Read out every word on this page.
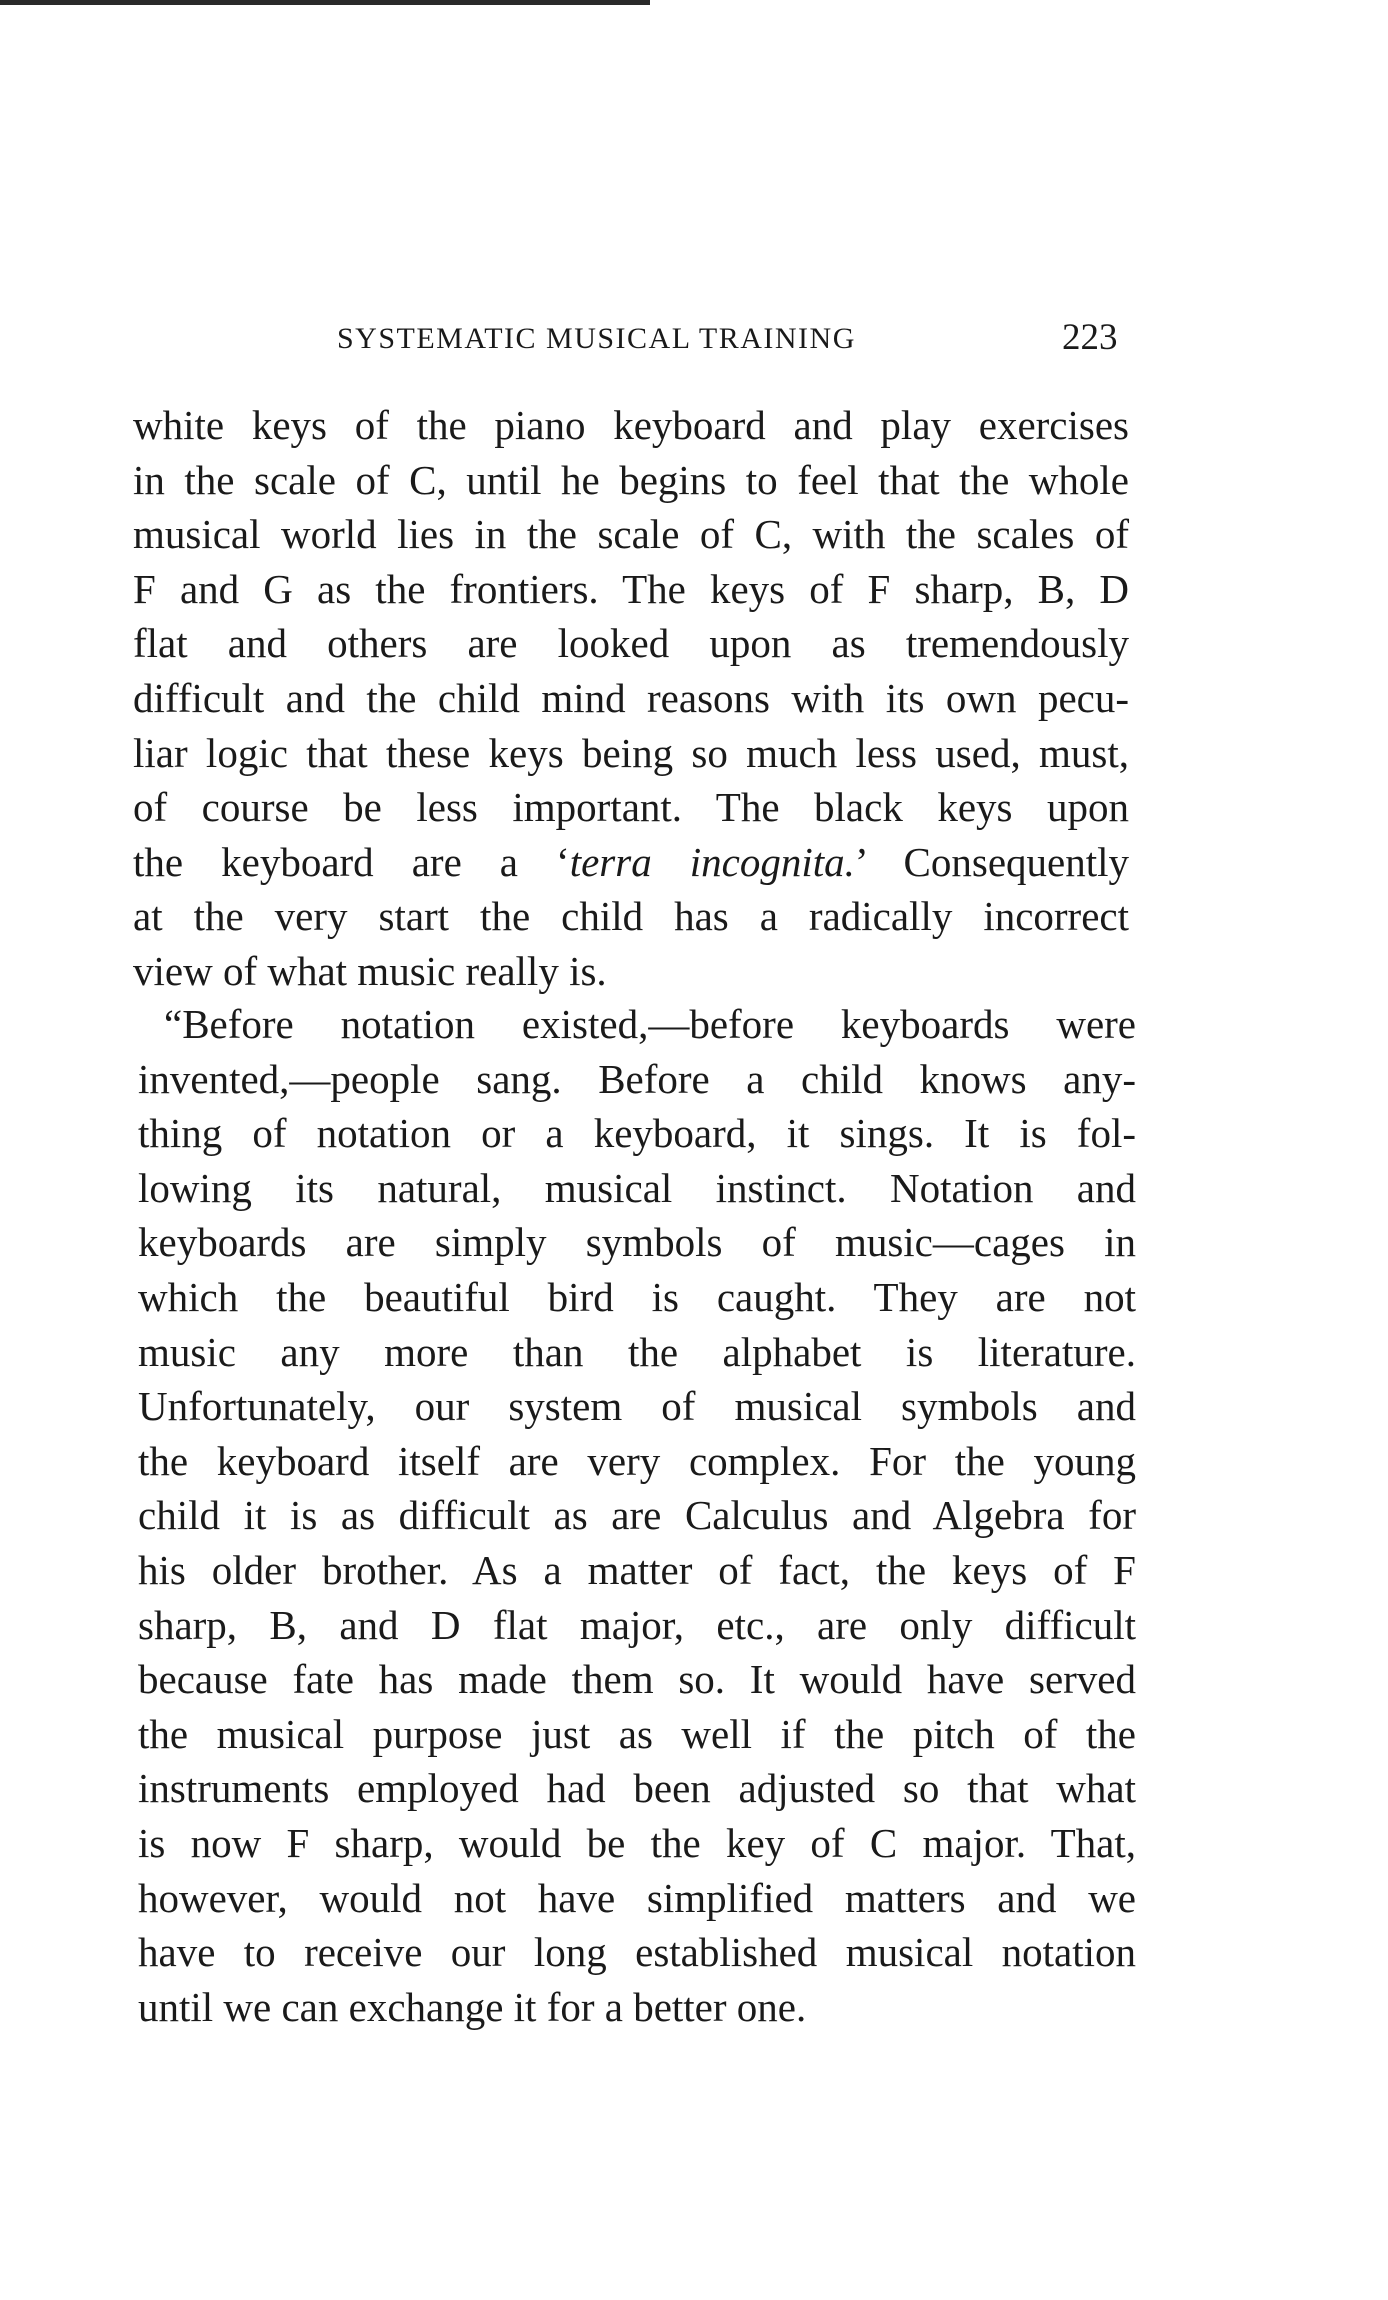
SYSTEMATIC MUSICAL TRAINING	223
white keys of the piano keyboard and play exercises
in the scale of C, until he begins to feel that the whole
musical world lies in the scale of C, with the scales of
F and G as the frontiers. The keys of F sharp, B, D
flat and others are looked upon as tremendously
difficult and the child mind reasons with its own pecu-
liar logic that these keys being so much less used, must,
of course be less important. The black keys upon
the keyboard are a ‘terra incognita.’ Consequently
at the very start the child has a radically incorrect
view of what music really is.
“Before notation existed,—before keyboards were
invented,—people sang. Before a child knows any-
thing of notation or a keyboard, it sings. It is fol-
lowing its natural, musical instinct. Notation and
keyboards are simply symbols of music—cages in
which the beautiful bird is caught. They are not
music any more than the alphabet is literature.
Unfortunately, our system of musical symbols and
the keyboard itself are very complex. For the young
child it is as difficult as are Calculus and Algebra for
his older brother. As a matter of fact, the keys of F
sharp, B, and D flat major, etc., are only difficult
because fate has made them so. It would have served
the musical purpose just as well if the pitch of the
instruments employed had been adjusted so that what
is now F sharp, would be the key of C major. That,
however, would not have simplified matters and we
have to receive our long established musical notation
until we can exchange it for a better one.
